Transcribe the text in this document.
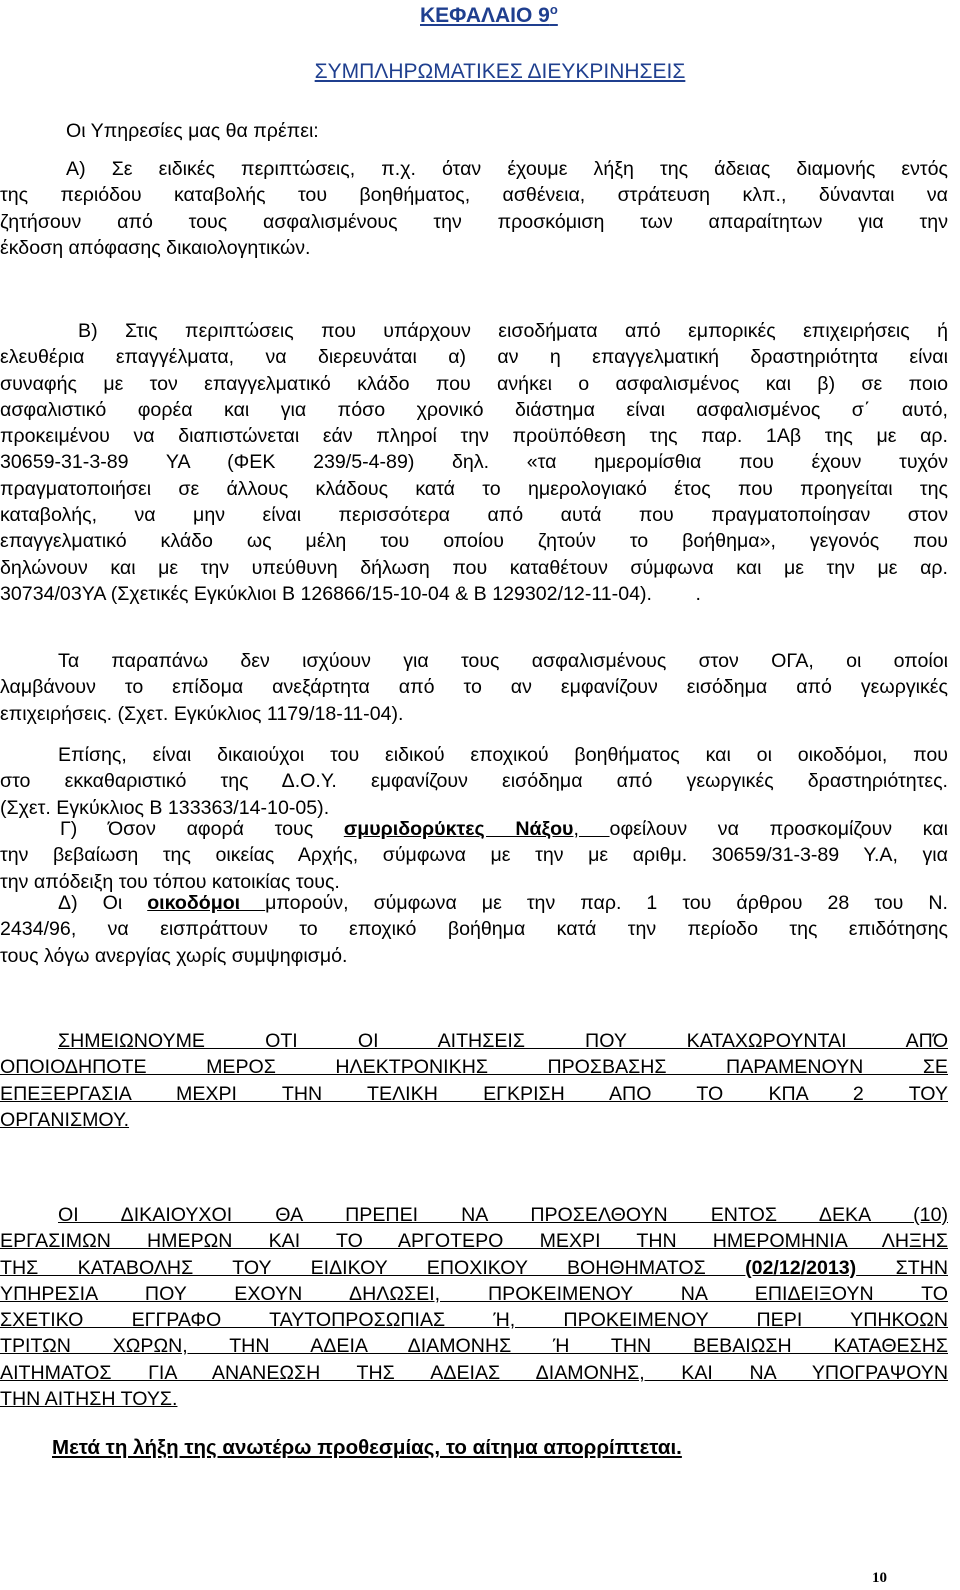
ΚΕΦΑΛΑΙΟ $9^o$
ΣΥΜΠΛΗΡΩΜΑΤΙΚΕΣ ΔΙΕΥΚΡΙΝΗΣΕΙΣ
Οι Υπηρεσίες μας θα πρέπει:
Α) Σε ειδικές περιπτώσεις, π.χ. όταν έχουμε λήξη της άδειας διαμονής εντός
της περιόδου καταβολής του βοηθήματος, ασθένεια, στράτευση κλπ., δύνανται να
ζητήσουν από τους ασφαλισμένους την προσκόμιση των απαραίτητων για την
έκδοση απόφασης δικαιολογητικών.
Β) Στις περιπτώσεις που υπάρχουν εισοδήματα από εμπορικές επιχειρήσεις ή
ελευθέρια επαγγέλματα, να διερευνάται α) αν η επαγγελματική δραστηριότητα είναι
συναφής με τον επαγγελματικό κλάδο που ανήκει ο ασφαλισμένος και β) σε ποιο
ασφαλιστικό φορέα και για πόσο χρονικό διάστημα είναι ασφαλισμένος σ΄ αυτό,
προκειμένου να διαπιστώνεται εάν πληροί την προϋπόθεση της παρ. 1Αβ της με αρ.
30659-31-3-89 ΥΑ (ΦΕΚ 239/5-4-89) δηλ. «τα ημερομίσθια που έχουν τυχόν
πραγματοποιήσει σε άλλους κλάδους κατά το ημερολογιακό έτος που προηγείται της
καταβολής, να μην είναι περισσότερα από αυτά που πραγματοποίησαν στον
επαγγελματικό κλάδο ως μέλη του οποίου ζητούν το βοήθημα», γεγονός που
δηλώνουν και με την υπεύθυνη δήλωση που καταθέτουν σύμφωνα και με την με αρ.
30734/03ΥΑ (Σχετικές Εγκύκλιοι Β 126866/15-10-04 & Β 129302/12-11-04).        .
Τα παραπάνω δεν ισχύουν για τους ασφαλισμένους στον ΟΓΑ, οι οποίοι
λαμβάνουν το επίδομα ανεξάρτητα από το αν εμφανίζουν εισόδημα από γεωργικές
επιχειρήσεις. (Σχετ. Εγκύκλιος 1179/18-11-04).
Επίσης, είναι δικαιούχοι του ειδικού εποχικού βοηθήματος και οι οικοδόμοι, που
στο εκκαθαριστικό της Δ.Ο.Υ. εμφανίζουν εισόδημα από γεωργικές δραστηριότητες.
(Σχετ. Εγκύκλιος Β 133363/14-10-05).
Γ) Όσον αφορά τους σμυριδορύκτες Νάξου, οφείλουν να προσκομίζουν και
την βεβαίωση της οικείας Αρχής, σύμφωνα με την με αριθμ. 30659/31-3-89 Υ.Α, για
την απόδειξη του τόπου κατοικίας τους.
Δ) Οι οικοδόμοι μπορούν, σύμφωνα με την παρ. 1 του άρθρου 28 του Ν.
2434/96, να εισπράττουν το εποχικό βοήθημα κατά την περίοδο της επιδότησης
τους λόγω ανεργίας χωρίς συμψηφισμό.
ΣΗΜΕΙΩΝΟΥΜΕ ΟΤΙ ΟΙ ΑΙΤΗΣΕΙΣ ΠΟΥ ΚΑΤΑΧΩΡΟΥΝΤΑΙ ΑΠΌ
ΟΠΟΙΟΔΗΠΟΤΕ ΜΕΡΟΣ ΗΛΕΚΤΡΟΝΙΚΗΣ ΠΡΟΣΒΑΣΗΣ ΠΑΡΑΜΕΝΟΥΝ ΣΕ
ΕΠΕΞΕΡΓΑΣΙΑ ΜΕΧΡΙ ΤΗΝ ΤΕΛΙΚΗ ΕΓΚΡΙΣΗ ΑΠΟ ΤΟ ΚΠΑ 2 ΤΟΥ
ΟΡΓΑΝΙΣΜΟΥ.
ΟΙ ΔΙΚΑΙΟΥΧΟΙ ΘΑ ΠΡΕΠΕΙ ΝΑ ΠΡΟΣΕΛΘΟΥΝ ΕΝΤΟΣ ΔΕΚΑ (10)
ΕΡΓΑΣΙΜΩΝ ΗΜΕΡΩΝ ΚΑΙ ΤΟ ΑΡΓΟΤΕΡΟ ΜΕΧΡΙ ΤΗΝ ΗΜΕΡΟΜΗΝΙΑ ΛΗΞΗΣ
ΤΗΣ ΚΑΤΑΒΟΛΗΣ ΤΟΥ ΕΙΔΙΚΟΥ ΕΠΟΧΙΚΟΥ ΒΟΗΘΗΜΑΤΟΣ (02/12/2013) ΣΤΗΝ
ΥΠΗΡΕΣΙΑ ΠΟΥ ΕΧΟΥΝ ΔΗΛΩΣΕΙ, ΠΡΟΚΕΙΜΕΝΟΥ ΝΑ ΕΠΙΔΕΙΞΟΥΝ ΤΟ
ΣΧΕΤΙΚΟ ΕΓΓΡΑΦΟ ΤΑΥΤΟΠΡΟΣΩΠΙΑΣ Ή, ΠΡΟΚΕΙΜΕΝΟΥ ΠΕΡΙ ΥΠΗΚΟΩΝ
ΤΡΙΤΩΝ ΧΩΡΩΝ, ΤΗΝ ΑΔΕΙΑ ΔΙΑΜΟΝΗΣ Ή ΤΗΝ ΒΕΒΑΙΩΣΗ ΚΑΤΑΘΕΣΗΣ
ΑΙΤΗΜΑΤΟΣ ΓΙΑ ΑΝΑΝΕΩΣΗ ΤΗΣ ΑΔΕΙΑΣ ΔΙΑΜΟΝΗΣ, ΚΑΙ ΝΑ ΥΠΟΓΡΑΨΟΥΝ
ΤΗΝ ΑΙΤΗΣΗ ΤΟΥΣ.
Μετά τη λήξη της ανωτέρω προθεσμίας, το αίτημα απορρίπτεται.
10
